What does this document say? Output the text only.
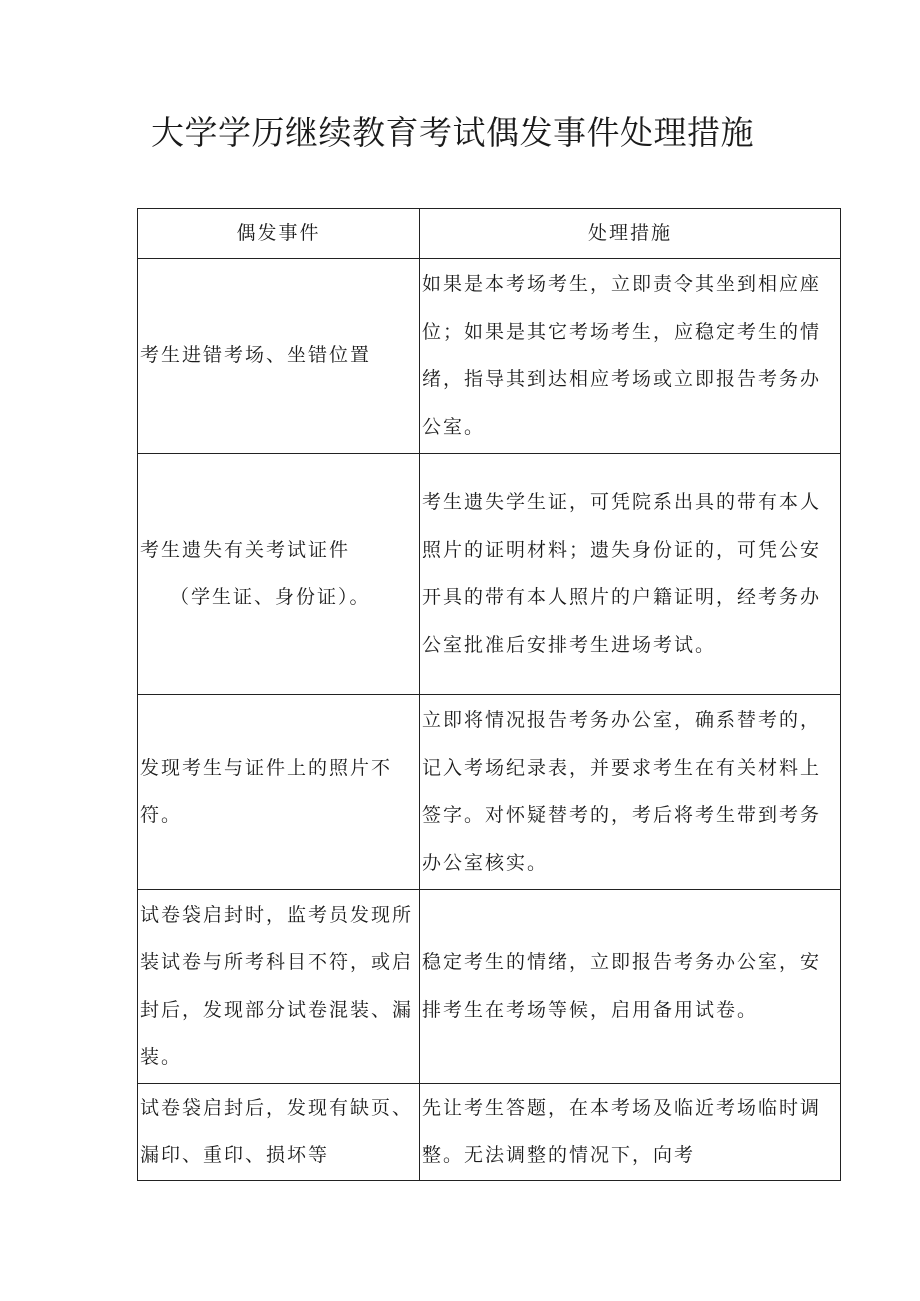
大学学历继续教育考试偶发事件处理措施
偶发事件	处理措施
考生进错考场、坐错位置	如果是本考场考生，立即责令其坐到相应座位；如果是其它考场考生，应稳定考生的情绪，指导其到达相应考场或立即报告考务办公室。

考生遗失有关考试证件
（学生证、身份证）。	考生遗失学生证，可凭院系出具的带有本人照片的证明材料；遗失身份证的，可凭公安开具的带有本人照片的户籍证明，经考务办公室批准后安排考生进场考试。
发现考生与证件上的照片不符。	立即将情况报告考务办公室，确系替考的，记入考场纪录表，并要求考生在有关材料上签字。对怀疑替考的，考后将考生带到考务办公室核实。
试卷袋启封时，监考员发现所装试卷与所考科目不符，或启封后，发现部分试卷混装、漏装。	稳定考生的情绪，立即报告考务办公室，安排考生在考场等候，启用备用试卷。
试卷袋启封后，发现有缺页、漏印、重印、损坏等	先让考生答题，在本考场及临近考场临时调整。无法调整的情况下，向考
